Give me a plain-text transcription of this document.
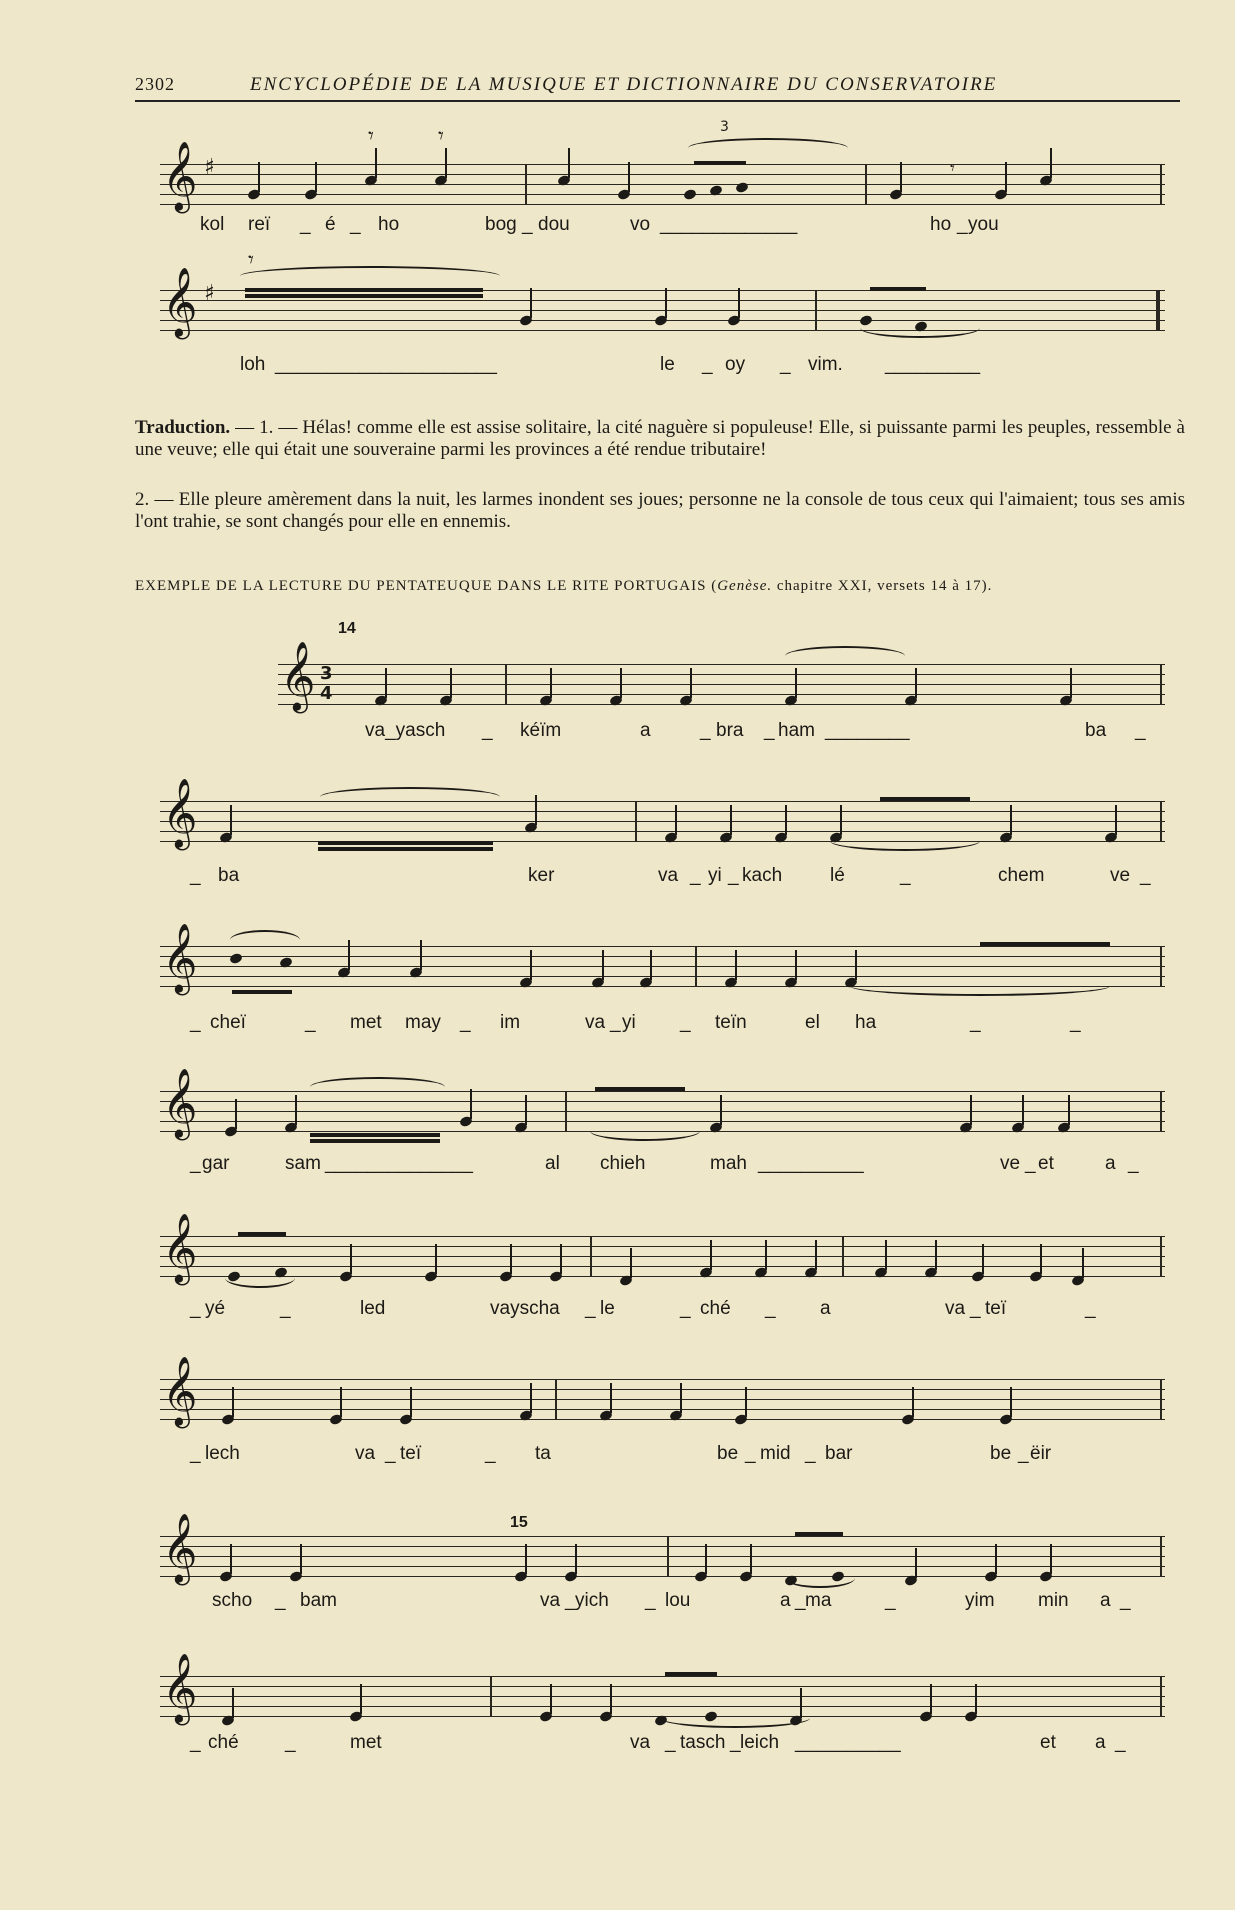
2302	ENCYCLOPÉDIE DE LA MUSIQUE ET DICTIONNAIRE DU CONSERVATOIRE
𝄞 ♯
𝄾	𝄾	3
𝄾
kol reï _ é _ ho	bog _ dou	vo _____________	ho _ you
𝄞 ♯
𝄾
loh _____________________	le _ oy _ vim. _________
Traduction. — 1. — Hélas! comme elle est assise solitaire, la cité naguère si populeuse! Elle, si puissante parmi les peuples, ressemble à une veuve; elle qui était une souveraine parmi les provinces a été rendue tributaire!
2. — Elle pleure amèrement dans la nuit, les larmes inondent ses joues; personne ne la console de tous ceux qui l'aimaient; tous ses amis l'ont trahie, se sont changés pour elle en ennemis.
EXEMPLE DE LA LECTURE DU PENTATEUQUE DANS LE RITE PORTUGAIS (Genèse. chapitre XXI, versets 14 à 17).
14
𝄞 3
4
va_yasch _ kéïm	a	_ bra _ ham ________	ba _
𝄞
_ ba	ker	va _ yi _ kach	lé	_	chem	ve _
𝄞
_ cheï	_ met may _ im	va _ yi _ teïn	el ha	_	_
𝄞
_ gar	sam ______________	al chieh	mah __________	ve _ et	a _
𝄞
_ yé	_	led	vayscha _ le	_ ché _ a	va _ teï	_
𝄞
_ lech	va _ teï	_ ta	be _ mid _ bar	be _ ëir
15
𝄞
scho _ bam	va _ yich _ lou	a _ ma	_	yim min a _
𝄞
_ ché _	met	va _ tasch _ leich __________	et a _
